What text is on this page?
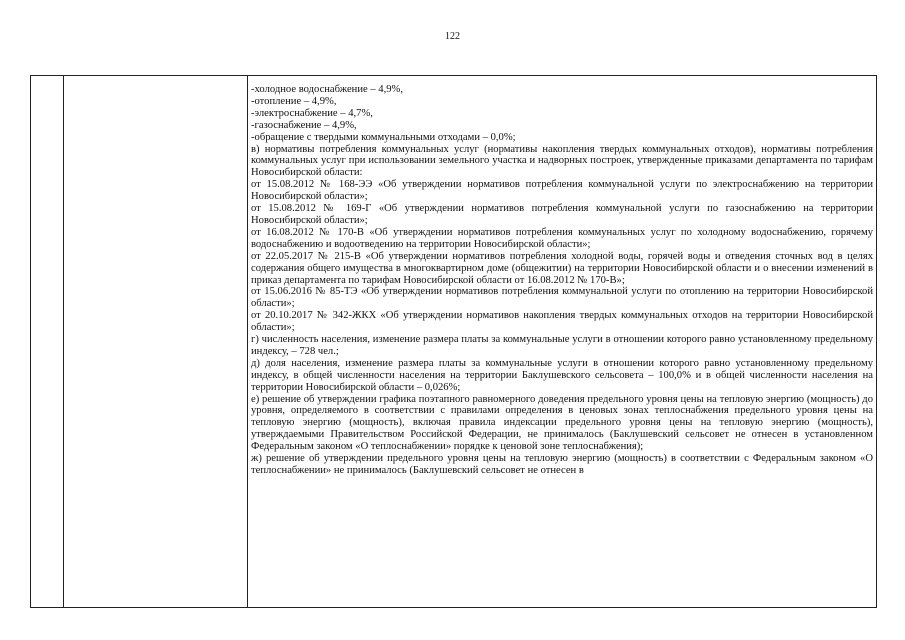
122

-холодное водоснабжение – 4,9%,
-отопление – 4,9%,
-электроснабжение – 4,7%,
-газоснабжение – 4,9%,
-обращение с твердыми коммунальными отходами – 0,0%;
в) нормативы потребления коммунальных услуг (нормативы накопления твердых коммунальных отходов), нормативы потребления коммунальных услуг при использовании земельного участка и надворных построек, утвержденные приказами департамента по тарифам Новосибирской области:
от 15.08.2012 № 168-ЭЭ «Об утверждении нормативов потребления коммунальной услуги по электроснабжению на территории Новосибирской области»;
от 15.08.2012 № 169-Г «Об утверждении нормативов потребления коммунальной услуги по газоснабжению на территории Новосибирской области»;
от 16.08.2012 № 170-В «Об утверждении нормативов потребления коммунальных услуг по холодному водоснабжению, горячему водоснабжению и водоотведению на территории Новосибирской области»;
от 22.05.2017 № 215-В «Об утверждении нормативов потребления холодной воды, горячей воды и отведения сточных вод в целях содержания общего имущества в многоквартирном доме (общежитии) на территории Новосибирской области и о внесении изменений в приказ департамента по тарифам Новосибирской области от 16.08.2012 № 170-В»;
от 15.06.2016 № 85-ТЭ «Об утверждении нормативов потребления коммунальной услуги по отоплению на территории Новосибирской области»;
от 20.10.2017 № 342-ЖКХ «Об утверждении нормативов накопления твердых коммунальных отходов на территории Новосибирской области»;
г) численность населения, изменение размера платы за коммунальные услуги в отношении которого равно установленному предельному индексу, – 728 чел.;
д) доля населения, изменение размера платы за коммунальные услуги в отношении которого равно установленному предельному индексу, в общей численности населения на территории Баклушевского сельсовета – 100,0% и в общей численности населения на территории Новосибирской области – 0,026%;
е) решение об утверждении графика поэтапного равномерного доведения предельного уровня цены на тепловую энергию (мощность) до уровня, определяемого в соответствии с правилами определения в ценовых зонах теплоснабжения предельного уровня цены на тепловую энергию (мощность), включая правила индексации предельного уровня цены на тепловую энергию (мощность), утверждаемыми Правительством Российской Федерации, не принималось (Баклушевский сельсовет не отнесен в установленном Федеральным законом «О теплоснабжении» порядке к ценовой зоне теплоснабжения);
ж) решение об утверждении предельного уровня цены на тепловую энергию (мощность) в соответствии с Федеральным законом «О теплоснабжении» не принималось (Баклушевский сельсовет не отнесен в
